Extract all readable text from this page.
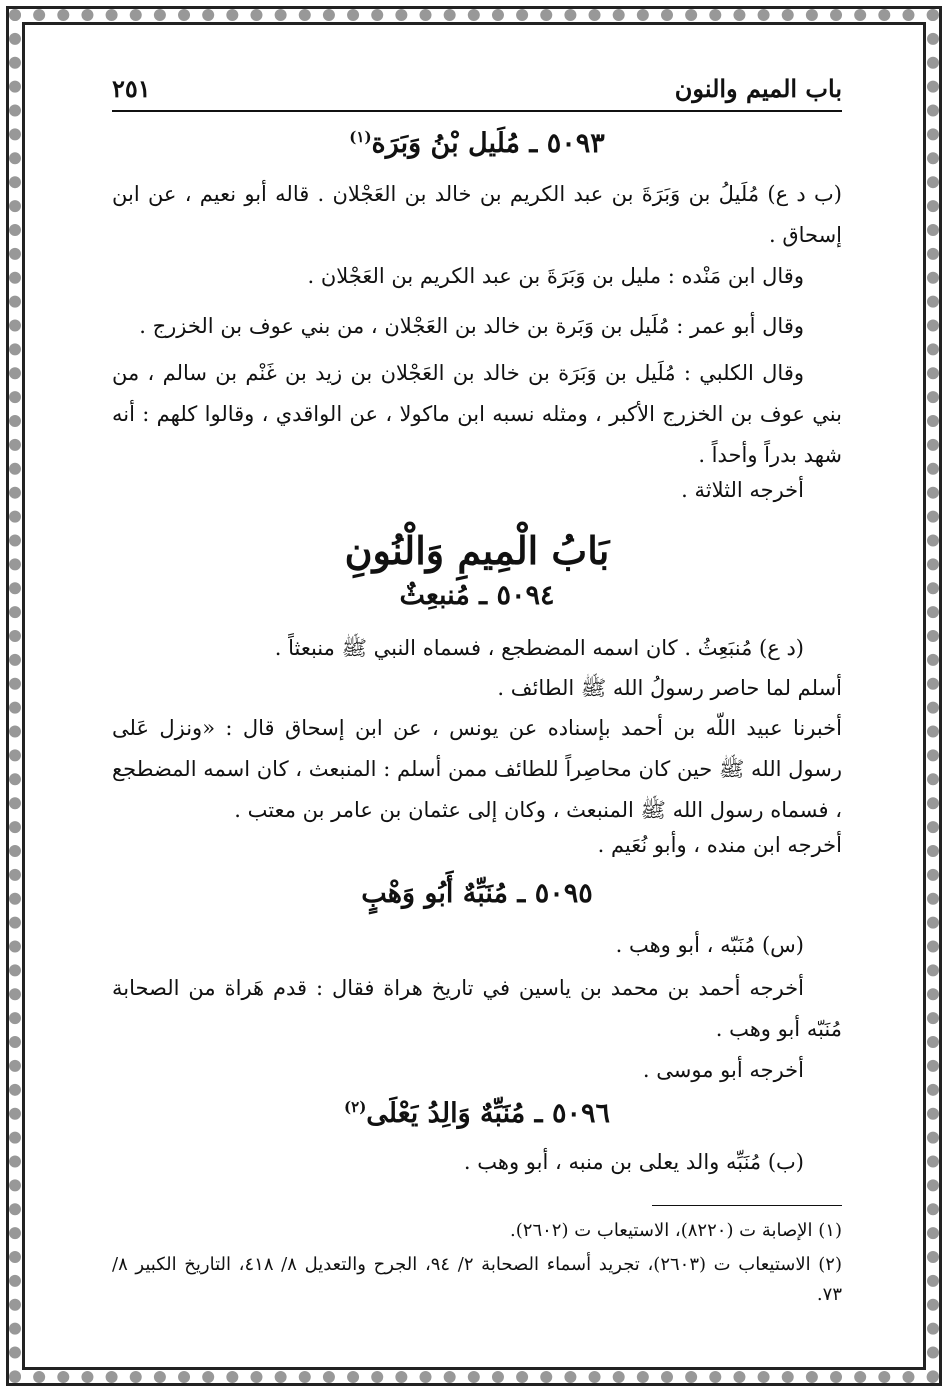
باب الميم والنون
٢٥١
٥٠٩٣ ـ مُلَيل بْنُ وَبَرَة$^{(١)}$
(ب د ع) مُلَيلُ بن وَبَرَةَ بن عبد الكريم بن خالد بن العَجْلان . قاله أبو نعيم ، عن ابن إسحاق .
وقال ابن مَنْده : مليل بن وَبَرَةَ بن عبد الكريم بن العَجْلان .
وقال أبو عمر : مُلَيل بن وَبَرة بن خالد بن العَجْلان ، من بني عوف بن الخزرج .
وقال الكلبي : مُلَيل بن وَبَرَة بن خالد بن العَجْلان بن زيد بن غَنْم بن سالم ، من بني عوف بن الخزرج الأكبر ، ومثله نسبه ابن ماكولا ، عن الواقدي ، وقالوا كلهم : أنه شهد بدراً وأحداً .
أخرجه الثلاثة .
بَابُ الْمِيمِ وَالْنُونِ
٥٠٩٤ ـ مُنبعِثٌ
(د ع) مُنبَعِثُ . كان اسمه المضطجع ، فسماه النبي ﷺ منبعثاً .
أسلم لما حاصر رسولُ الله ﷺ الطائف .
أخبرنا عبيد اللّه بن أحمد بإسناده عن يونس ، عن ابن إسحاق قال : «ونزل عَلى رسول الله ﷺ حين كان محاصِراً للطائف ممن أسلم : المنبعث ، كان اسمه المضطجع ، فسماه رسول الله ﷺ المنبعث ، وكان إلى عثمان بن عامر بن معتب .
أخرجه ابن منده ، وأبو نُعَيم .
٥٠٩٥ ـ مُنَبِّهٌ أَبُو وَهْبٍ
(س) مُنَبّه ، أبو وهب .
أخرجه أحمد بن محمد بن ياسين في تاريخ هراة فقال : قدم هَراة من الصحابة مُنَبّه أبو وهب .
أخرجه أبو موسى .
٥٠٩٦ ـ مُنَبِّهٌ وَالِدُ يَعْلَى$^{(٢)}$
(ب) مُنَبِّه والد يعلى بن منبه ، أبو وهب .
(١) الإصابة ت (٨٢٢٠)، الاستيعاب ت (٢٦٠٢).
(٢) الاستيعاب ت (٢٦٠٣)، تجريد أسماء الصحابة ٢/ ٩٤، الجرح والتعديل ٨/ ٤١٨، التاريخ الكبير ٨/ ٧٣.
